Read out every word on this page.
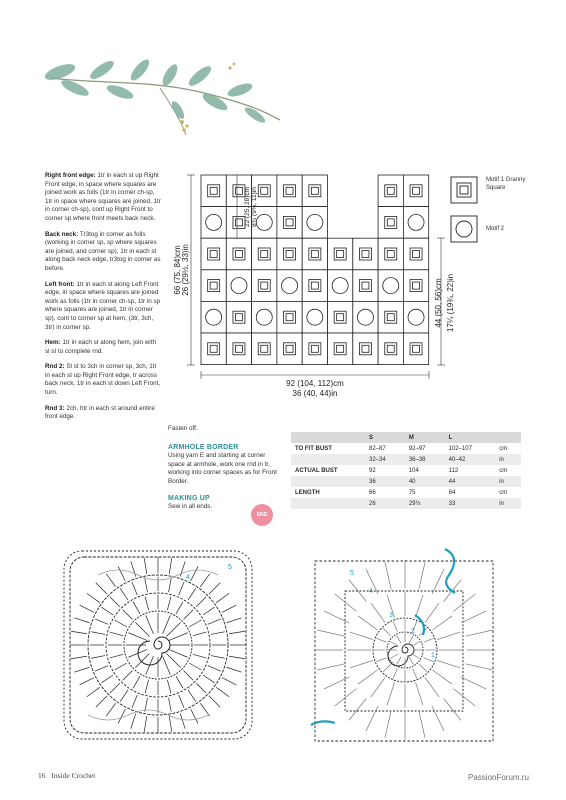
Right front edge: 1tr in each st up Right Front edge, in space where squares are joined work as foll​s (1tr in corner ch-sp, 1tr in space where squares are joined, 1tr in corner ch-sp), cont up Right Front to corner sp where front meets back neck.

Back neck: Tr3tog in corner as folls (working in corner sp, sp where squares are joined, and corner sp), 1tr in each st along back neck edge, tr3tog in corner as before.

Left front: 1tr in each st along Left Front edge, in space where squares are joined work as folls (1tr in corner ch-sp, 1tr in sp where squares are joined, 1tr in corner sp), cont to corner sp at hem, (3tr, 3ch, 3tr) in corner sp.

Hem: 1tr in each st along hem, join with sl st to complete rnd.

Rnd 2: Sl st to 3ch in corner sp, 3ch, 1tr in each st up Right Front edge, tr across back neck, 1tr in each st down Left Front, turn.

Rnd 3: 2ch, htr in each st around entire front edge.

Fasten off.
ARMHOLE BORDER
Using yarn E and starting at corner space at armhole, work one rnd in tr, working into corner spaces as for Front Border.
MAKING UP
Sew in all ends.
END
66 (75, 84)cm 26 (29½, 33)in
22 (25, 28)cm 8¾ (9¾, 11)in
44 (50, 56)cm 17¼ (19¾, 22)in
92 (104, 112)cm
36 (40, 44)in
Motif 1 Granny Square
Motif 2
	S	M	L	
TO FIT BUST	82–87	92–97	102–107	cm
	32–34	36–38	40–42	in
ACTUAL BUST	92	104	112	cm
	36	40	44	in
LENGTH	66	75	84	cm
	26	29½	33	in
5
4
1
2
3
4
5
16 Inside Crochet	PassionForum.ru
